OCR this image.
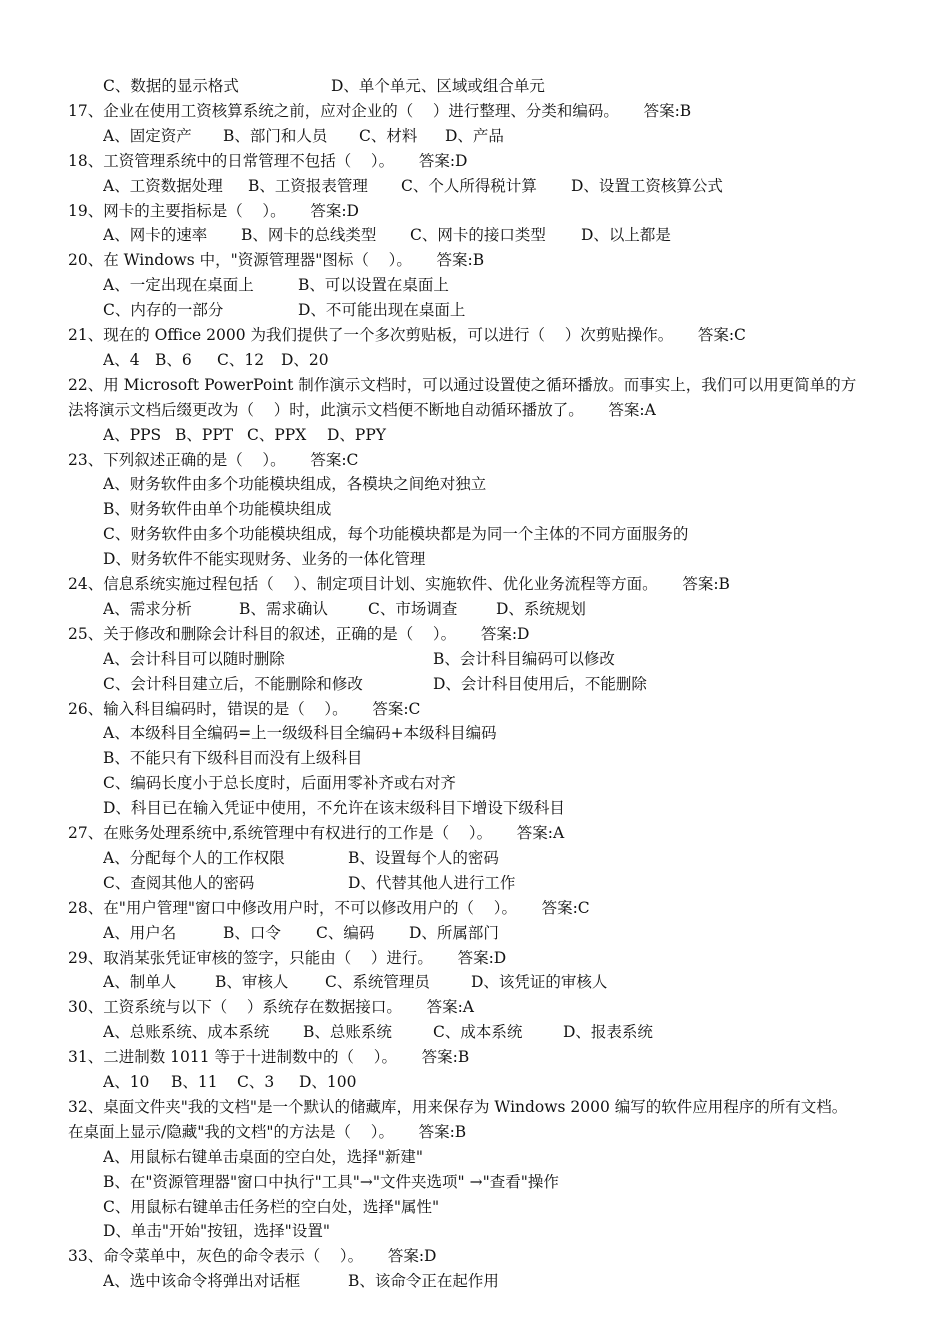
C、数据的显示格式	D、单个单元、区域或组合单元
17、企业在使用工资核算系统之前，应对企业的（    ）进行整理、分类和编码。     答案:B
A、固定资产 B、部门和人员 C、材料 D、产品
18、工资管理系统中的日常管理不包括（    ）。     答案:D
A、工资数据处理 B、工资报表管理 C、个人所得税计算 D、设置工资核算公式
19、网卡的主要指标是（    ）。     答案:D
A、网卡的速率 B、网卡的总线类型 C、网卡的接口类型 D、以上都是
20、在 Windows 中，"资源管理器"图标（    ）。     答案:B
A、一定出现在桌面上	B、可以设置在桌面上
C、内存的一部分	D、不可能出现在桌面上
21、现在的 Office 2000 为我们提供了一个多次剪贴板，可以进行（    ）次剪贴操作。     答案:C
A、4 B、6 C、12 D、20
22、用 Microsoft PowerPoint 制作演示文档时，可以通过设置使之循环播放。而事实上，我们可以用更简单的方
法将演示文档后缀更改为（    ）时，此演示文档便不断地自动循环播放了。     答案:A
A、PPS B、PPT C、PPX D、PPY
23、下列叙述正确的是（    ）。     答案:C
A、财务软件由多个功能模块组成，各模块之间绝对独立
B、财务软件由单个功能模块组成
C、财务软件由多个功能模块组成，每个功能模块都是为同一个主体的不同方面服务的
D、财务软件不能实现财务、业务的一体化管理
24、信息系统实施过程包括（    ）、制定项目计划、实施软件、优化业务流程等方面。     答案:B
A、需求分析	B、需求确认	C、市场调查 D、系统规划
25、关于修改和删除会计科目的叙述，正确的是（    ）。     答案:D
A、会计科目可以随时删除	B、会计科目编码可以修改
C、会计科目建立后，不能删除和修改	D、会计科目使用后，不能删除
26、输入科目编码时，错误的是（    ）。     答案:C
A、本级科目全编码=上一级级科目全编码+本级科目编码
B、不能只有下级科目而没有上级科目
C、编码长度小于总长度时，后面用零补齐或右对齐
D、科目已在输入凭证中使用，不允许在该末级科目下增设下级科目
27、在账务处理系统中,系统管理中有权进行的工作是（    ）。     答案:A
A、分配每个人的工作权限	B、设置每个人的密码
C、查阅其他人的密码	D、代替其他人进行工作
28、在"用户管理"窗口中修改用户时，不可以修改用户的（    ）。     答案:C
A、用户名	B、口令 C、编码 D、所属部门
29、取消某张凭证审核的签字，只能由（    ）进行。     答案:D
A、制单人	B、审核人 C、系统管理员	D、该凭证的审核人
30、工资系统与以下（    ）系统存在数据接口。     答案:A
A、总账系统、成本系统 B、总账系统	C、成本系统	D、报表系统
31、二进制数 1011 等于十进制数中的（    ）。     答案:B
A、10 B、11 C、3 D、100
32、桌面文件夹"我的文档"是一个默认的储藏库，用来保存为 Windows 2000 编写的软件应用程序的所有文档。
在桌面上显示/隐藏"我的文档"的方法是（    ）。     答案:B
A、用鼠标右键单击桌面的空白处，选择"新建"
B、在"资源管理器"窗口中执行"工具"→"文件夹选项" →"查看"操作
C、用鼠标右键单击任务栏的空白处，选择"属性"
D、单击"开始"按钮，选择"设置"
33、命令菜单中，灰色的命令表示（    ）。     答案:D
A、选中该命令将弹出对话框	B、该命令正在起作用
